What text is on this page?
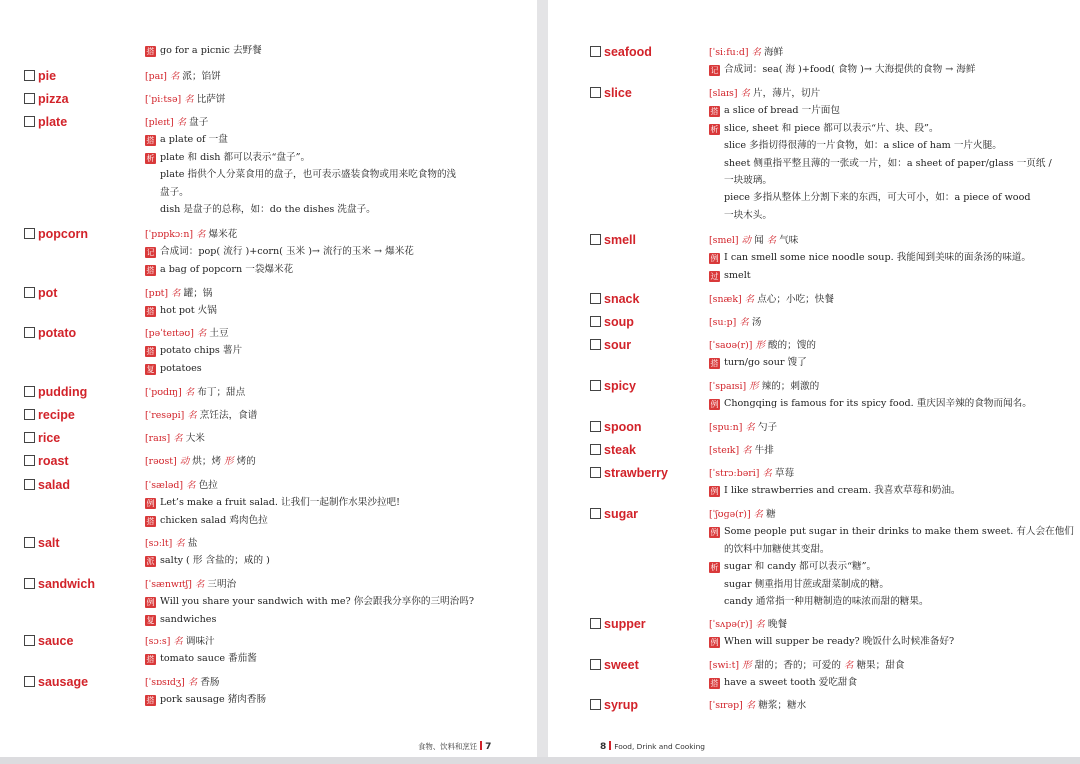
搭 go for a picnic 去野餐
pie	[paɪ] 名 派；馅饼
pizza	[ˈpiːtsə] 名 比萨饼
plate	[pleɪt] 名 盘子
搭 a plate of 一盘
析 plate 和 dish 都可以表示“盘子”。
plate 指供个人分菜食用的盘子，也可表示盛装食物或用来吃食物的浅
盘子。
dish 是盘子的总称，如：do the dishes 洗盘子。
popcorn	[ˈpɒpkɔːn] 名 爆米花
记 合成词：pop( 流行 )+corn( 玉米 )→ 流行的玉米 → 爆米花
搭 a bag of popcorn 一袋爆米花
pot	[pɒt] 名 罐；锅
搭 hot pot 火锅
potato	[pəˈteɪtəʊ] 名 土豆
搭 potato chips 薯片
复 potatoes
pudding	[ˈpʊdɪŋ] 名 布丁；甜点
recipe	[ˈresəpi] 名 烹饪法，食谱
rice	[raɪs] 名 大米
roast	[rəʊst] 动 烘；烤 形 烤的
salad	[ˈsæləd] 名 色拉
例 Let’s make a fruit salad. 让我们一起制作水果沙拉吧!
搭 chicken salad 鸡肉色拉
salt	[sɔːlt] 名 盐
派 salty ( 形 含盐的；咸的 )
sandwich	[ˈsænwɪtʃ] 名 三明治
例 Will you share your sandwich with me? 你会跟我分享你的三明治吗?
复 sandwiches
sauce	[sɔːs] 名 调味汁
搭 tomato sauce 番茄酱
sausage	[ˈsɒsɪdʒ] 名 香肠
搭 pork sausage 猪肉香肠
食物、饮料和烹饪 7
seafood	[ˈsiːfuːd] 名 海鲜
记 合成词：sea( 海 )+food( 食物 )→ 大海提供的食物 → 海鲜
slice	[slaɪs] 名 片，薄片，切片
搭 a slice of bread 一片面包
析 slice, sheet 和 piece 都可以表示“片、块、段”。
slice 多指切得很薄的一片食物，如：a slice of ham 一片火腿。
sheet 侧重指平整且薄的一张或一片，如：a sheet of paper/glass 一页纸 /
一块玻璃。
piece 多指从整体上分割下来的东西，可大可小，如：a piece of wood
一块木头。
smell	[smel] 动 闻 名 气味
例 I can smell some nice noodle soup. 我能闻到美味的面条汤的味道。
过 smelt
snack	[snæk] 名 点心；小吃；快餐
soup	[suːp] 名 汤
sour	[ˈsaʊə(r)] 形 酸的；馊的
搭 turn/go sour 馊了
spicy	[ˈspaɪsi] 形 辣的；刺激的
例 Chongqing is famous for its spicy food. 重庆因辛辣的食物而闻名。
spoon	[spuːn] 名 勺子
steak	[steɪk] 名 牛排
strawberry	[ˈstrɔːbəri] 名 草莓
例 I like strawberries and cream. 我喜欢草莓和奶油。
sugar	[ˈʃʊɡə(r)] 名 糖
例 Some people put sugar in their drinks to make them sweet. 有人会在他们
的饮料中加糖使其变甜。
析 sugar 和 candy 都可以表示“糖”。
sugar 侧重指用甘蔗或甜菜制成的糖。
candy 通常指一种用糖制造的味浓而甜的糖果。
supper	[ˈsʌpə(r)] 名 晚餐
例 When will supper be ready? 晚饭什么时候准备好?
sweet	[swiːt] 形 甜的；香的；可爱的 名 糖果；甜食
搭 have a sweet tooth 爱吃甜食
syrup	[ˈsɪrəp] 名 糖浆；糖水
8 Food, Drink and Cooking
